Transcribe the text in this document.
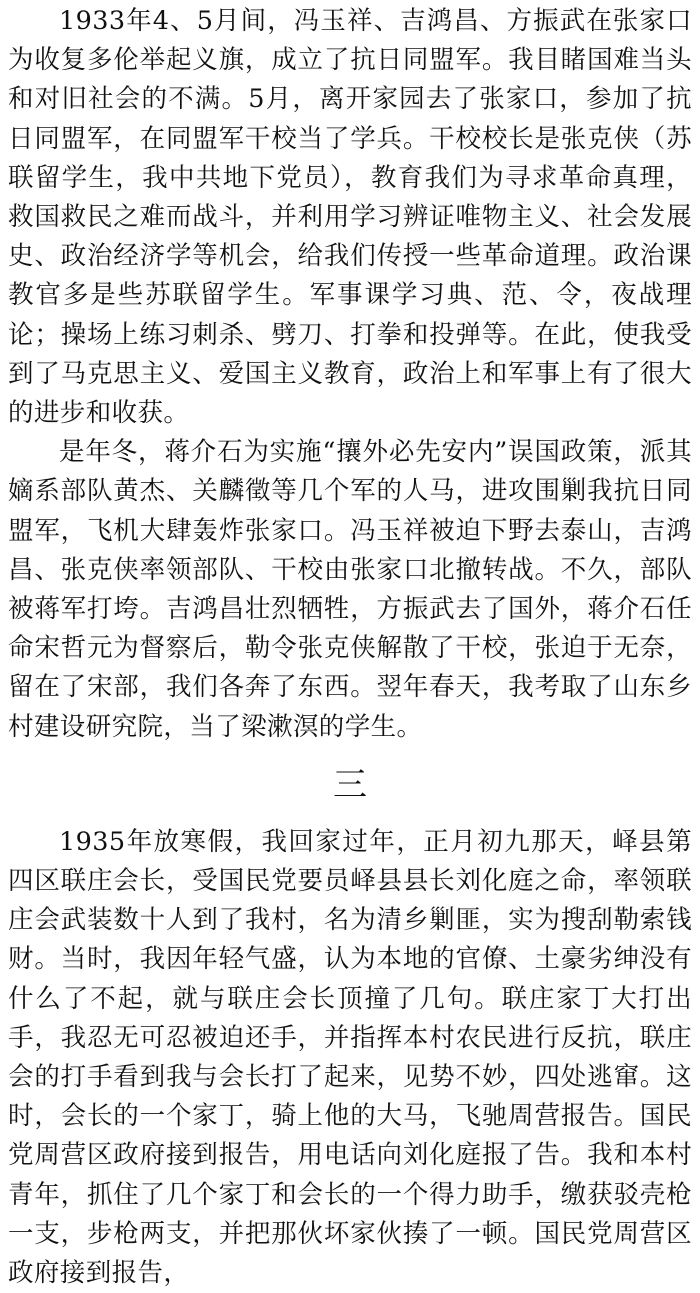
1933年4、5月间，冯玉祥、吉鸿昌、方振武在张家口为收复多伦举起义旗，成立了抗日同盟军。我目睹国难当头和对旧社会的不满。5月，离开家园去了张家口，参加了抗日同盟军，在同盟军干校当了学兵。干校校长是张克侠（苏联留学生，我中共地下党员），教育我们为寻求革命真理，救国救民之难而战斗，并利用学习辨证唯物主义、社会发展史、政治经济学等机会，给我们传授一些革命道理。政治课教官多是些苏联留学生。军事课学习典、范、令，夜战理论；操场上练习刺杀、劈刀、打拳和投弹等。在此，使我受到了马克思主义、爱国主义教育，政治上和军事上有了很大的进步和收获。

是年冬，蒋介石为实施“攘外必先安内”误国政策，派其嫡系部队黄杰、关麟徵等几个军的人马，进攻围剿我抗日同盟军，飞机大肆轰炸张家口。冯玉祥被迫下野去泰山，吉鸿昌、张克侠率领部队、干校由张家口北撤转战。不久，部队被蒋军打垮。吉鸿昌壮烈牺牲，方振武去了国外，蒋介石任命宋哲元为督察后，勒令张克侠解散了干校，张迫于无奈，留在了宋部，我们各奔了东西。翌年春天，我考取了山东乡村建设研究院，当了梁漱溟的学生。

三

1935年放寒假，我回家过年，正月初九那天，峄县第四区联庄会长，受国民党要员峄县县长刘化庭之命，率领联庄会武装数十人到了我村，名为清乡剿匪，实为搜刮勒索钱财。当时，我因年轻气盛，认为本地的官僚、土豪劣绅没有什么了不起，就与联庄会长顶撞了几句。联庄家丁大打出手，我忍无可忍被迫还手，并指挥本村农民进行反抗，联庄会的打手看到我与会长打了起来，见势不妙，四处逃窜。这时，会长的一个家丁，骑上他的大马，飞驰周营报告。国民党周营区政府接到报告，用电话向刘化庭报了告。我和本村青年，抓住了几个家丁和会长的一个得力助手，缴获驳壳枪一支，步枪两支，并把那伙坏家伙揍了一顿。国民党周营区政府接到报告，
